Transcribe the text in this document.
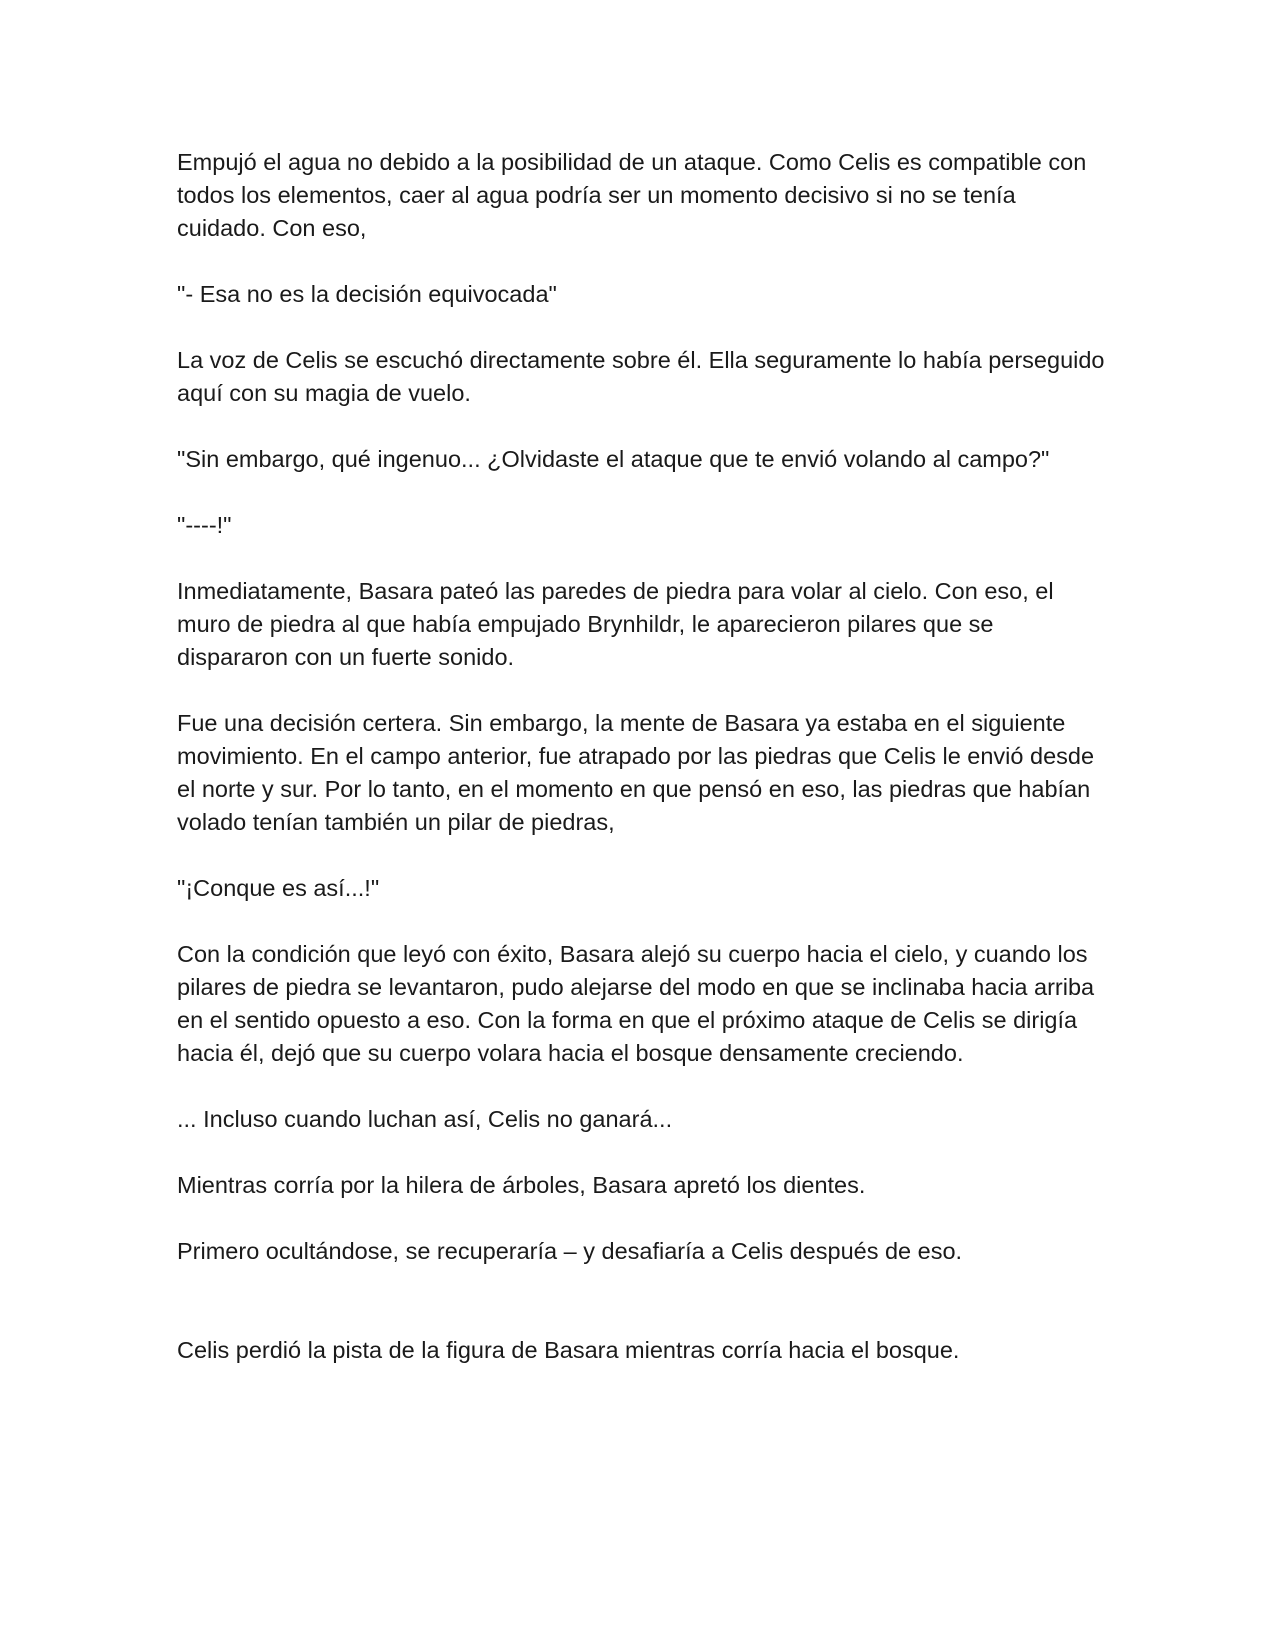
Empujó el agua no debido a la posibilidad de un ataque. Como Celis es compatible con todos los elementos, caer al agua podría ser un momento decisivo si no se tenía cuidado. Con eso,

"- Esa no es la decisión equivocada"

La voz de Celis se escuchó directamente sobre él. Ella seguramente lo había perseguido aquí con su magia de vuelo.

"Sin embargo, qué ingenuo... ¿Olvidaste el ataque que te envió volando al campo?"

"----!"

Inmediatamente, Basara pateó las paredes de piedra para volar al cielo. Con eso, el muro de piedra al que había empujado Brynhildr, le aparecieron pilares que se dispararon con un fuerte sonido.

Fue una decisión certera. Sin embargo, la mente de Basara ya estaba en el siguiente movimiento. En el campo anterior, fue atrapado por las piedras que Celis le envió desde el norte y sur. Por lo tanto, en el momento en que pensó en eso, las piedras que habían volado tenían también un pilar de piedras,

"¡Conque es así...!"

Con la condición que leyó con éxito, Basara alejó su cuerpo hacia el cielo, y cuando los pilares de piedra se levantaron, pudo alejarse del modo en que se inclinaba hacia arriba en el sentido opuesto a eso. Con la forma en que el próximo ataque de Celis se dirigía hacia él, dejó que su cuerpo volara hacia el bosque densamente creciendo.

... Incluso cuando luchan así, Celis no ganará...

Mientras corría por la hilera de árboles, Basara apretó los dientes.

Primero ocultándose, se recuperaría – y desafiaría a Celis después de eso.

Celis perdió la pista de la figura de Basara mientras corría hacia el bosque.
